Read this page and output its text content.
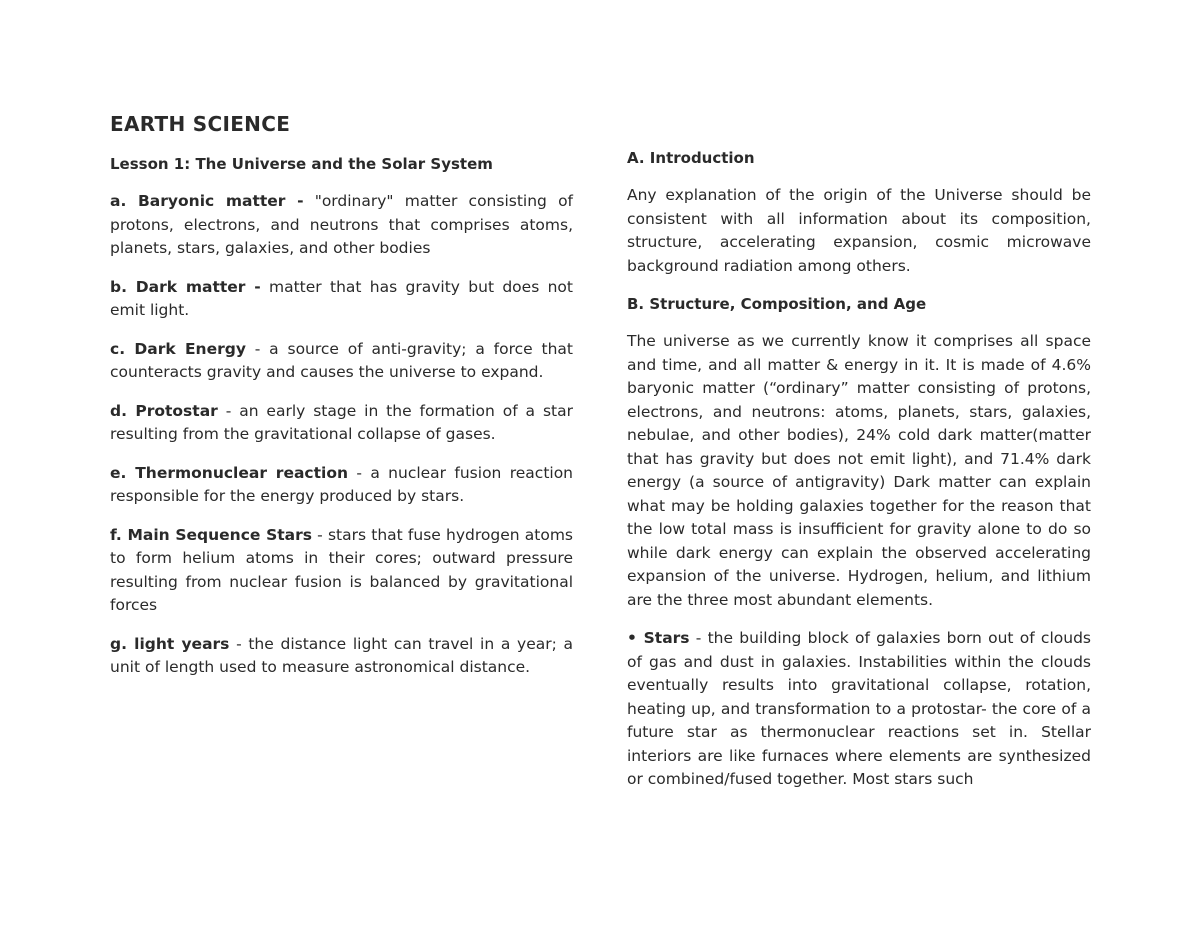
EARTH SCIENCE
Lesson 1: The Universe and the Solar System

a. Baryonic matter - "ordinary" matter consisting of protons, electrons, and neutrons that comprises atoms, planets, stars, galaxies, and other bodies

b. Dark matter - matter that has gravity but does not emit light.

c. Dark Energy - a source of anti-gravity; a force that counteracts gravity and causes the universe to expand.

d. Protostar - an early stage in the formation of a star resulting from the gravitational collapse of gases.

e. Thermonuclear reaction - a nuclear fusion reaction responsible for the energy produced by stars.

f. Main Sequence Stars - stars that fuse hydrogen atoms to form helium atoms in their cores; outward pressure resulting from nuclear fusion is balanced by gravitational forces

g. light years - the distance light can travel in a year; a unit of length used to measure astronomical distance.

A. Introduction

Any explanation of the origin of the Universe should be consistent with all information about its composition, structure, accelerating expansion, cosmic microwave background radiation among others.

B. Structure, Composition, and Age

The universe as we currently know it comprises all space and time, and all matter & energy in it. It is made of 4.6% baryonic matter (“ordinary” matter consisting of protons, electrons, and neutrons: atoms, planets, stars, galaxies, nebulae, and other bodies), 24% cold dark matter(matter that has gravity but does not emit light), and 71.4% dark energy (a source of antigravity) Dark matter can explain what may be holding galaxies together for the reason that the low total mass is insufficient for gravity alone to do so while dark energy can explain the observed accelerating expansion of the universe. Hydrogen, helium, and lithium are the three most abundant elements.

• Stars - the building block of galaxies born out of clouds of gas and dust in galaxies. Instabilities within the clouds eventually results into gravitational collapse, rotation, heating up, and transformation to a protostar- the core of a future star as thermonuclear reactions set in. Stellar interiors are like furnaces where elements are synthesized or combined/fused together. Most stars such
